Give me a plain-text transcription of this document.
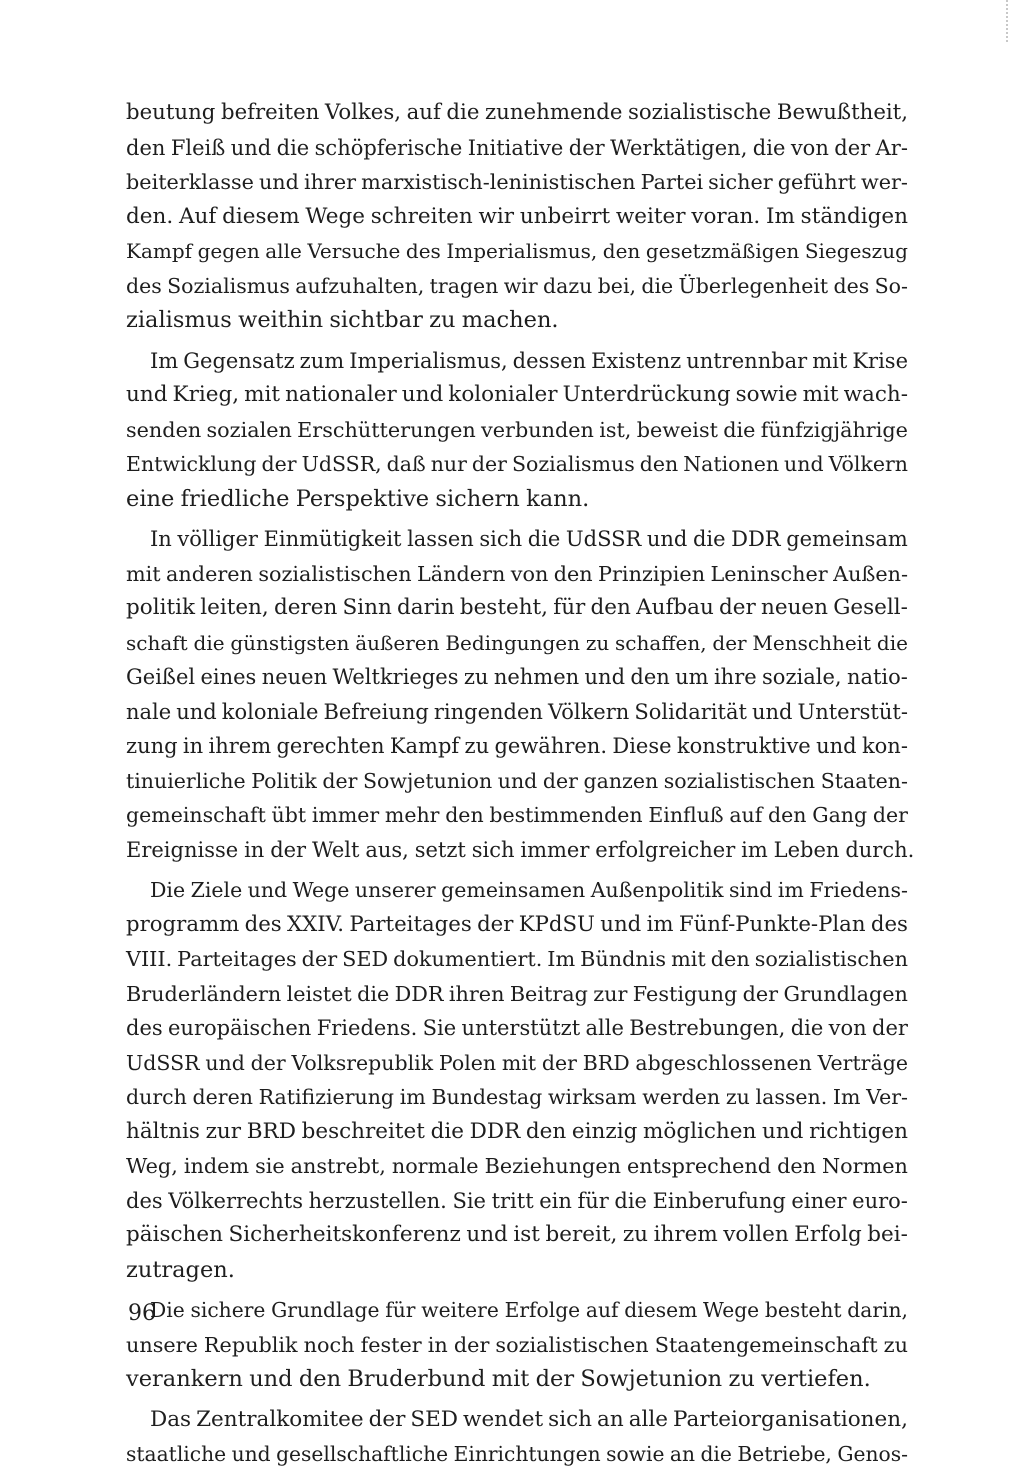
beutung befreiten Volkes, auf die zunehmende sozialistische Bewußtheit,
den Fleiß und die schöpferische Initiative der Werktätigen, die von der Ar-
beiterklasse und ihrer marxistisch-leninistischen Partei sicher geführt wer-
den. Auf diesem Wege schreiten wir unbeirrt weiter voran. Im ständigen
Kampf gegen alle Versuche des Imperialismus, den gesetzmäßigen Siegeszug
des Sozialismus aufzuhalten, tragen wir dazu bei, die Überlegenheit des So-
zialismus weithin sichtbar zu machen.
Im Gegensatz zum Imperialismus, dessen Existenz untrennbar mit Krise
und Krieg, mit nationaler und kolonialer Unterdrückung sowie mit wach-
senden sozialen Erschütterungen verbunden ist, beweist die fünfzigjährige
Entwicklung der UdSSR, daß nur der Sozialismus den Nationen und Völkern
eine friedliche Perspektive sichern kann.
In völliger Einmütigkeit lassen sich die UdSSR und die DDR gemeinsam
mit anderen sozialistischen Ländern von den Prinzipien Leninscher Außen-
politik leiten, deren Sinn darin besteht, für den Aufbau der neuen Gesell-
schaft die günstigsten äußeren Bedingungen zu schaffen, der Menschheit die
Geißel eines neuen Weltkrieges zu nehmen und den um ihre soziale, natio-
nale und koloniale Befreiung ringenden Völkern Solidarität und Unterstüt-
zung in ihrem gerechten Kampf zu gewähren. Diese konstruktive und kon-
tinuierliche Politik der Sowjetunion und der ganzen sozialistischen Staaten-
gemeinschaft übt immer mehr den bestimmenden Einfluß auf den Gang der
Ereignisse in der Welt aus, setzt sich immer erfolgreicher im Leben durch.
Die Ziele und Wege unserer gemeinsamen Außenpolitik sind im Friedens-
programm des XXIV. Parteitages der KPdSU und im Fünf-Punkte-Plan des
VIII. Parteitages der SED dokumentiert. Im Bündnis mit den sozialistischen
Bruderländern leistet die DDR ihren Beitrag zur Festigung der Grundlagen
des europäischen Friedens. Sie unterstützt alle Bestrebungen, die von der
UdSSR und der Volksrepublik Polen mit der BRD abgeschlossenen Verträge
durch deren Ratifizierung im Bundestag wirksam werden zu lassen. Im Ver-
hältnis zur BRD beschreitet die DDR den einzig möglichen und richtigen
Weg, indem sie anstrebt, normale Beziehungen entsprechend den Normen
des Völkerrechts herzustellen. Sie tritt ein für die Einberufung einer euro-
päischen Sicherheitskonferenz und ist bereit, zu ihrem vollen Erfolg bei-
zutragen.
Die sichere Grundlage für weitere Erfolge auf diesem Wege besteht darin,
unsere Republik noch fester in der sozialistischen Staatengemeinschaft zu
verankern und den Bruderbund mit der Sowjetunion zu vertiefen.
Das Zentralkomitee der SED wendet sich an alle Parteiorganisationen,
staatliche und gesellschaftliche Einrichtungen sowie an die Betriebe, Genos-
96
